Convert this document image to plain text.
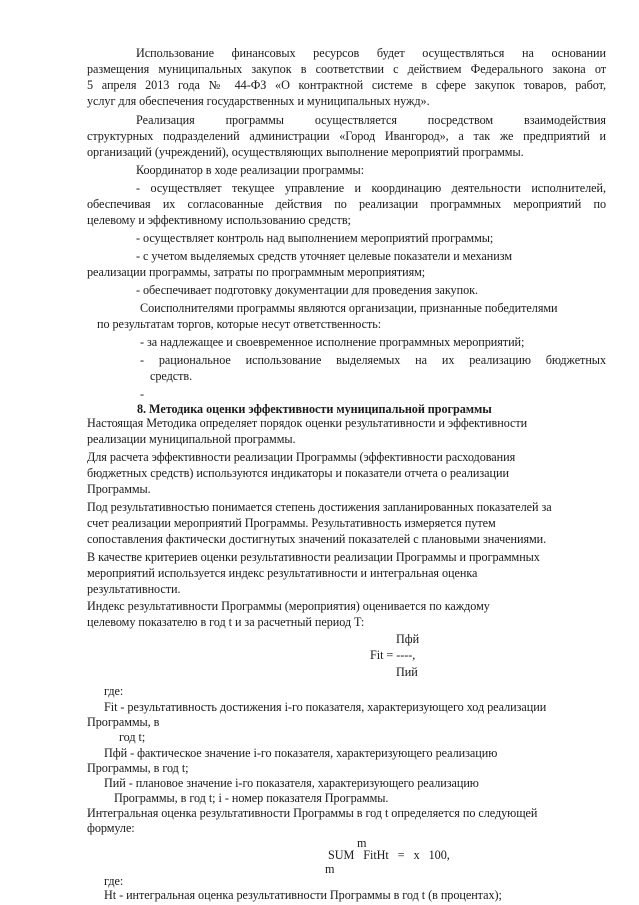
Использование финансовых ресурсов будет осуществляться на основании
размещения муниципальных закупок в соответствии с действием Федерального закона от
5 апреля 2013 года № 44-ФЗ «О контрактной системе в сфере закупок товаров, работ,
услуг для обеспечения государственных и муниципальных нужд».
Реализация программы осуществляется посредством взаимодействия
структурных подразделений администрации «Город Ивангород», а так же предприятий и
организаций (учреждений), осуществляющих выполнение мероприятий программы.
Координатор в ходе реализации программы:
- осуществляет текущее управление и координацию деятельности исполнителей,
обеспечивая их согласованные действия по реализации программных мероприятий по
целевому и эффективному использованию средств;
- осуществляет контроль над выполнением мероприятий программы;
- с учетом выделяемых средств уточняет целевые показатели и механизм
реализации программы, затраты по программным мероприятиям;
- обеспечивает подготовку документации для проведения закупок.
Соисполнителями программы являются организации, признанные победителями
по результатам торгов, которые несут ответственность:
- за надлежащее и своевременное исполнение программных мероприятий;
- рациональное использование выделяемых на их реализацию бюджетных
средств.
-
8. Методика оценки эффективности муниципальной программы
Настоящая Методика определяет порядок оценки результативности и эффективности
реализации муниципальной программы.
Для расчета эффективности реализации Программы (эффективности расходования
бюджетных средств) используются индикаторы и показатели отчета о реализации
Программы.
Под результативностью понимается степень достижения запланированных показателей за
счет реализации мероприятий Программы. Результативность измеряется путем
сопоставления фактически достигнутых значений показателей с плановыми значениями.
В качестве критериев оценки результативности реализации Программы и программных
мероприятий используется индекс результативности и интегральная оценка
результативности.
Индекс результативности Программы (мероприятия) оценивается по каждому
целевому показателю в год t и за расчетный период T:
Пфй
Fit = ----,
Пий
где:
Fit - результативность достижения i-го показателя, характеризующего ход реализации
Программы, в
год t;
Пфй - фактическое значение i-го показателя, характеризующего реализацию
Программы, в год t;
Пий - плановое значение i-го показателя, характеризующего реализацию
Программы, в год t; i - номер показателя Программы.
Интегральная оценка результативности Программы в год t определяется по следующей
формуле:
m
SUM FitHt = x 100,
m
где:
Ht - интегральная оценка результативности Программы в год t (в процентах);
